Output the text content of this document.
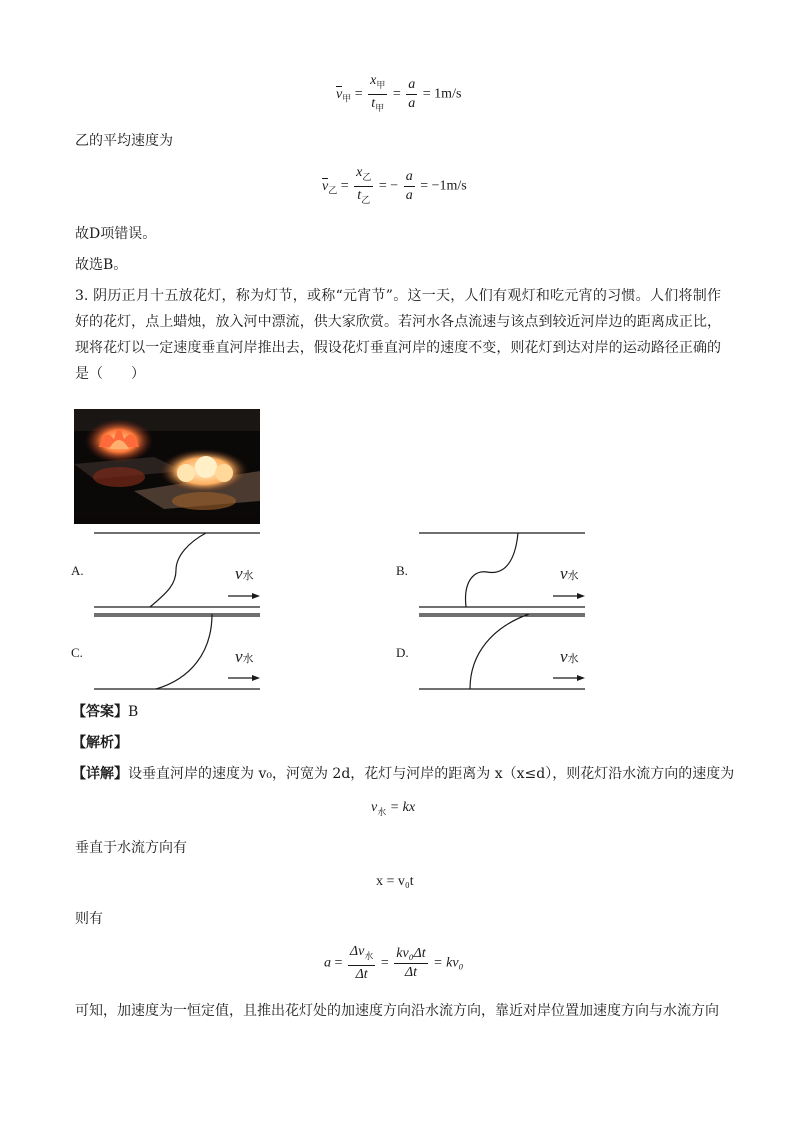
$v_甲 = \frac{x_甲}{t_甲} = \frac{a}{a} = 1m/s$
乙的平均速度为
$v_乙 = \frac{x_乙}{t_乙}$ = − $\frac{a}{a} = -1m/s$
故D项错误。
故选B。
3. 阴历正月十五放花灯，称为灯节，或称“元宵节”。这一天，人们有观灯和吃元宵的习惯。人们将制作好的花灯，点上蜡烛，放入河中漂流，供大家欣赏。若河水各点流速与该点到较近河岸边的距离成正比，现将花灯以一定速度垂直河岸推出去，假设花灯垂直河岸的速度不变，则花灯到达对岸的运动路径正确的是（　　）
A.	v水	B.	v水
C.	v水	D.	v水
【答案】B
【解析】
【详解】设垂直河岸的速度为 v₀，河宽为 2d，花灯与河岸的距离为 x（x≤d），则花灯沿水流方向的速度为
$v_水$ = kx
垂直于水流方向有
x = v₀t
则有
$a = \frac{\Delta v_水}{\Delta t} = \frac{\text{kv₀Δt}}{\Delta t} = kv_0$
可知，加速度为一恒定值，且推出花灯处的加速度方向沿水流方向，靠近对岸位置加速度方向与水流方向
